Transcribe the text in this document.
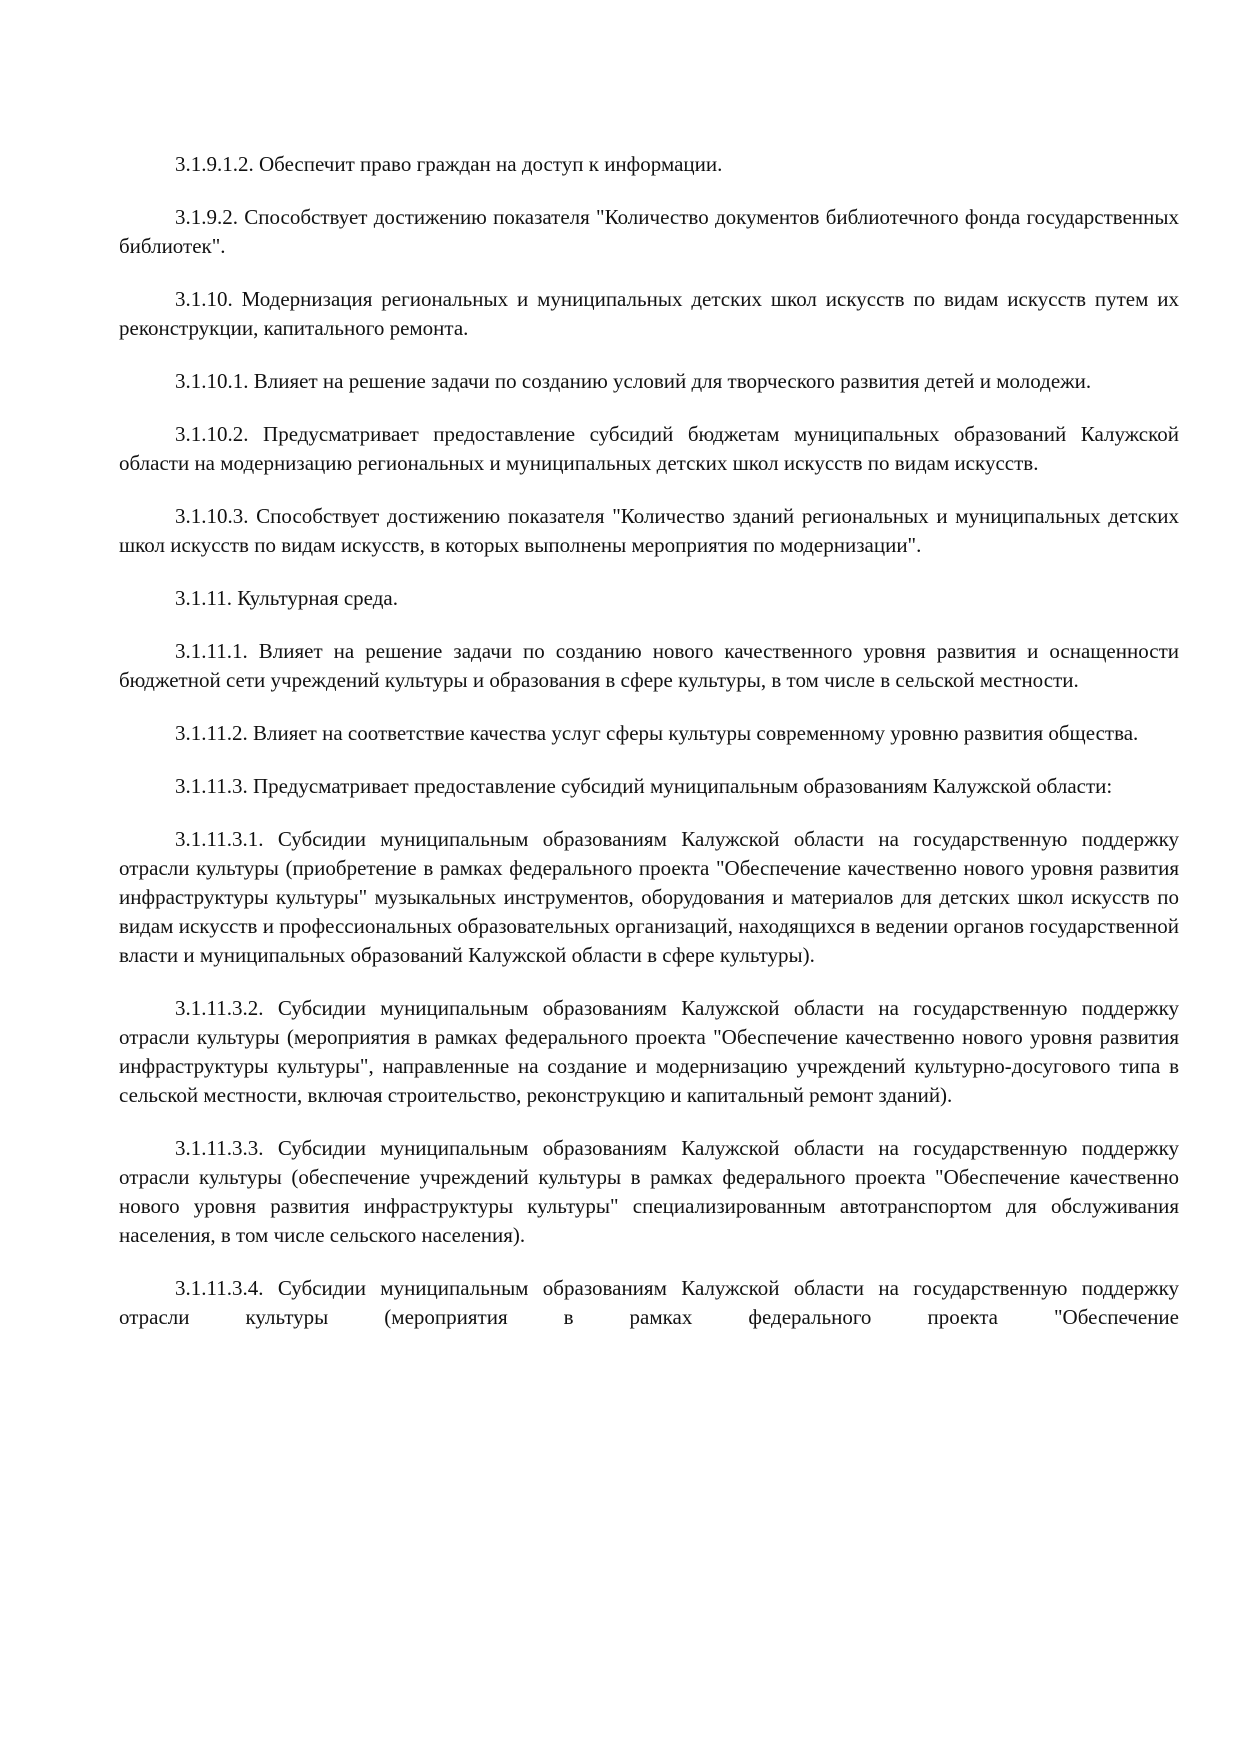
3.1.9.1.2. Обеспечит право граждан на доступ к информации.

3.1.9.2. Способствует достижению показателя "Количество документов библиотечного фонда государственных библиотек".

3.1.10. Модернизация региональных и муниципальных детских школ искусств по видам искусств путем их реконструкции, капитального ремонта.

3.1.10.1. Влияет на решение задачи по созданию условий для творческого развития детей и молодежи.

3.1.10.2. Предусматривает предоставление субсидий бюджетам муниципальных образований Калужской области на модернизацию региональных и муниципальных детских школ искусств по видам искусств.

3.1.10.3. Способствует достижению показателя "Количество зданий региональных и муниципальных детских школ искусств по видам искусств, в которых выполнены мероприятия по модернизации".

3.1.11. Культурная среда.

3.1.11.1. Влияет на решение задачи по созданию нового качественного уровня развития и оснащенности бюджетной сети учреждений культуры и образования в сфере культуры, в том числе в сельской местности.

3.1.11.2. Влияет на соответствие качества услуг сферы культуры современному уровню развития общества.

3.1.11.3. Предусматривает предоставление субсидий муниципальным образованиям Калужской области:

3.1.11.3.1. Субсидии муниципальным образованиям Калужской области на государственную поддержку отрасли культуры (приобретение в рамках федерального проекта "Обеспечение качественно нового уровня развития инфраструктуры культуры" музыкальных инструментов, оборудования и материалов для детских школ искусств по видам искусств и профессиональных образовательных организаций, находящихся в ведении органов государственной власти и муниципальных образований Калужской области в сфере культуры).

3.1.11.3.2. Субсидии муниципальным образованиям Калужской области на государственную поддержку отрасли культуры (мероприятия в рамках федерального проекта "Обеспечение качественно нового уровня развития инфраструктуры культуры", направленные на создание и модернизацию учреждений культурно-досугового типа в сельской местности, включая строительство, реконструкцию и капитальный ремонт зданий).

3.1.11.3.3. Субсидии муниципальным образованиям Калужской области на государственную поддержку отрасли культуры (обеспечение учреждений культуры в рамках федерального проекта "Обеспечение качественно нового уровня развития инфраструктуры культуры" специализированным автотранспортом для обслуживания населения, в том числе сельского населения).

3.1.11.3.4. Субсидии муниципальным образованиям Калужской области на государственную поддержку отрасли культуры (мероприятия в рамках федерального проекта "Обеспечение
